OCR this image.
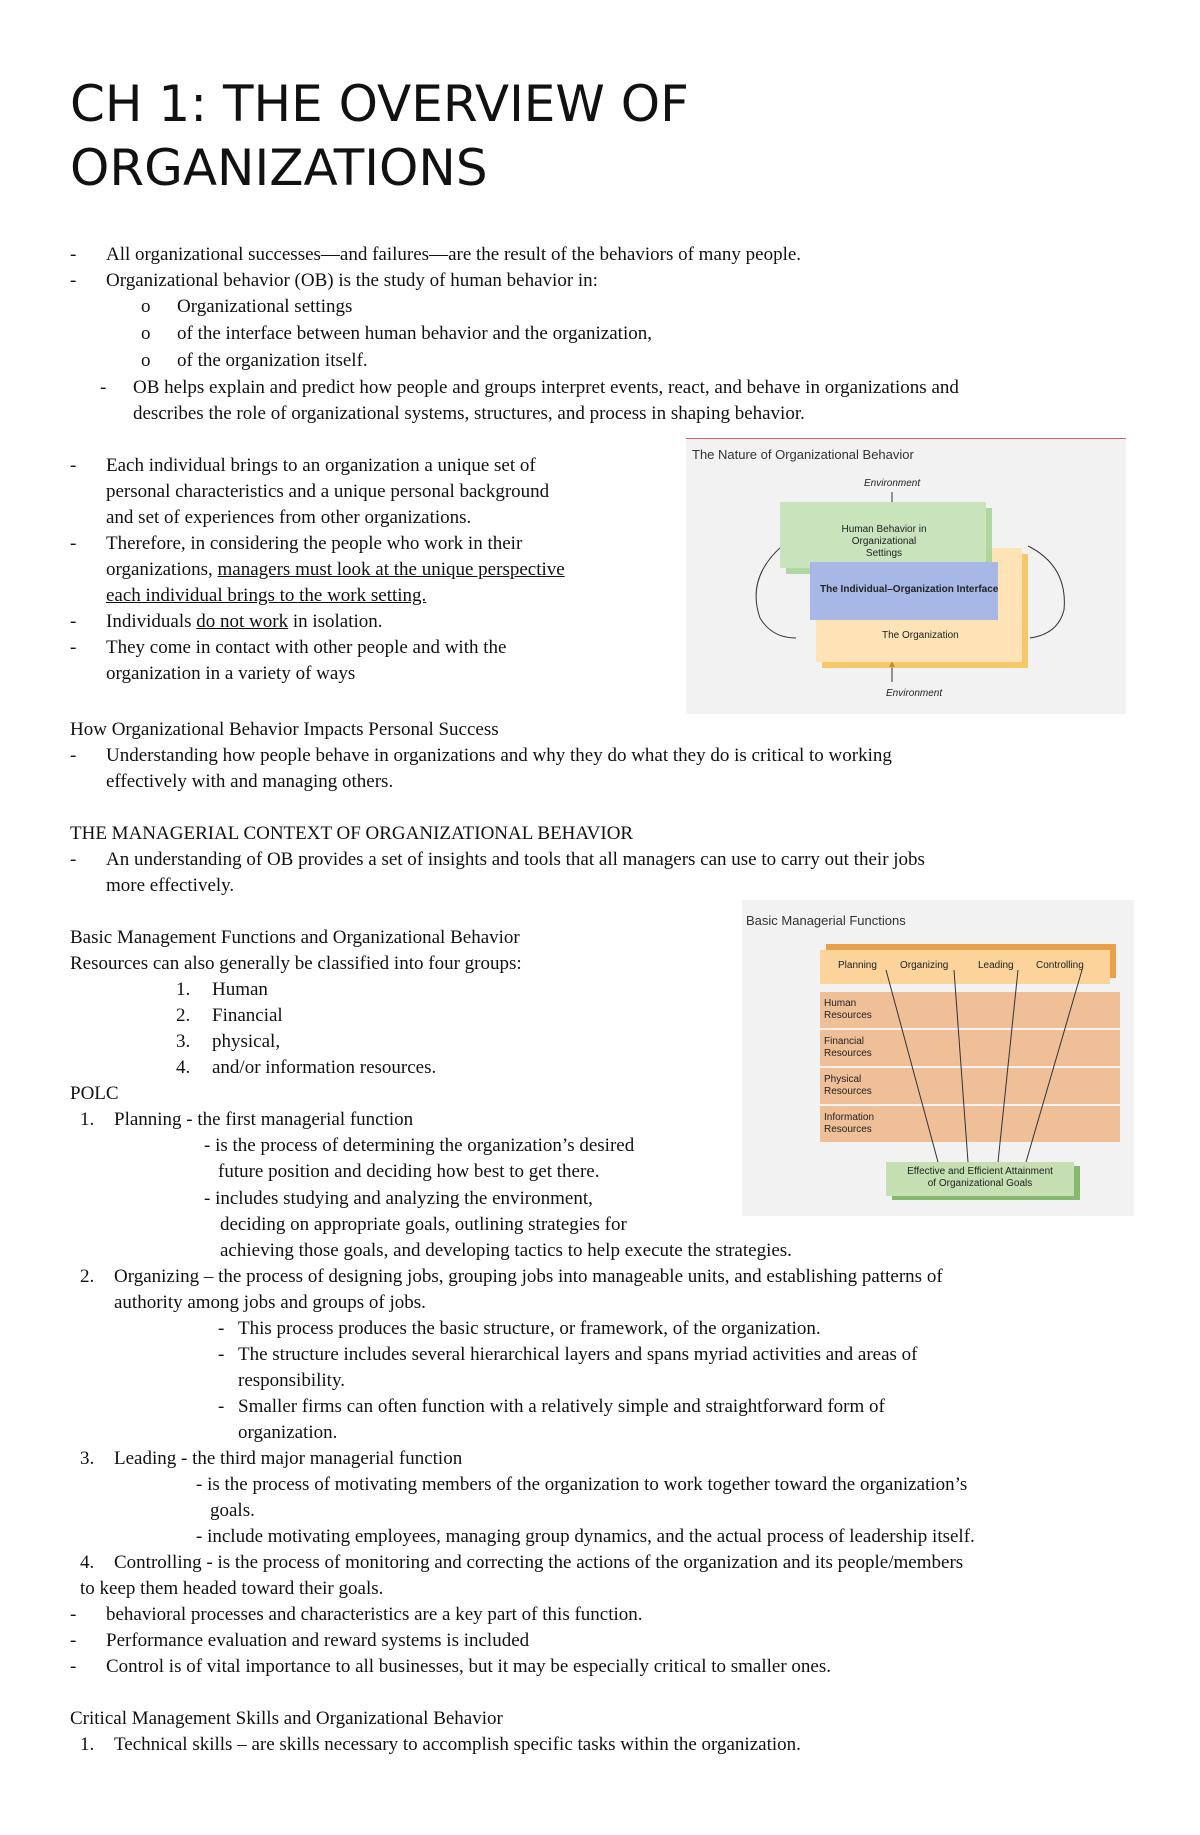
CH 1: THE OVERVIEW OF
ORGANIZATIONS
- All organizational successes—and failures—are the result of the behaviors of many people.
- Organizational behavior (OB) is the study of human behavior in:
o Organizational settings
o of the interface between human behavior and the organization,
o of the organization itself.
- OB helps explain and predict how people and groups interpret events, react, and behave in organizations and
describes the role of organizational systems, structures, and process in shaping behavior.
- Each individual brings to an organization a unique set of
personal characteristics and a unique personal background
and set of experiences from other organizations.
- Therefore, in considering the people who work in their
organizations, managers must look at the unique perspective
each individual brings to the work setting.
- Individuals do not work in isolation.
- They come in contact with other people and with the
organization in a variety of ways
The Nature of Organizational Behavior
Environment
The Organization
Human Behavior in
Organizational Settings
The Individual–Organization Interface
Environment
How Organizational Behavior Impacts Personal Success
- Understanding how people behave in organizations and why they do what they do is critical to working
effectively with and managing others.
THE MANAGERIAL CONTEXT OF ORGANIZATIONAL BEHAVIOR
- An understanding of OB provides a set of insights and tools that all managers can use to carry out their jobs
more effectively.
Basic Managerial Functions
Planning Organizing	Leading Controlling
Human
Resources
Financial
Resources
Physical
Resources
Information
Resources
Effective and Efficient Attainment
of Organizational Goals
Basic Management Functions and Organizational Behavior
Resources can also generally be classified into four groups:
1. Human
2. Financial
3. physical,
4. and/or information resources.
POLC
1. Planning - the first managerial function
- is the process of determining the organization’s desired
future position and deciding how best to get there.
- includes studying and analyzing the environment,
deciding on appropriate goals, outlining strategies for
achieving those goals, and developing tactics to help execute the strategies.
2. Organizing – the process of designing jobs, grouping jobs into manageable units, and establishing patterns of
authority among jobs and groups of jobs.
- This process produces the basic structure, or framework, of the organization.
- The structure includes several hierarchical layers and spans myriad activities and areas of
responsibility.
- Smaller firms can often function with a relatively simple and straightforward form of
organization.
3. Leading - the third major managerial function
- is the process of motivating members of the organization to work together toward the organization’s
goals.
- include motivating employees, managing group dynamics, and the actual process of leadership itself.
4. Controlling - is the process of monitoring and correcting the actions of the organization and its people/members
to keep them headed toward their goals.
- behavioral processes and characteristics are a key part of this function.
- Performance evaluation and reward systems is included
- Control is of vital importance to all businesses, but it may be especially critical to smaller ones.
Critical Management Skills and Organizational Behavior
1. Technical skills – are skills necessary to accomplish specific tasks within the organization.
